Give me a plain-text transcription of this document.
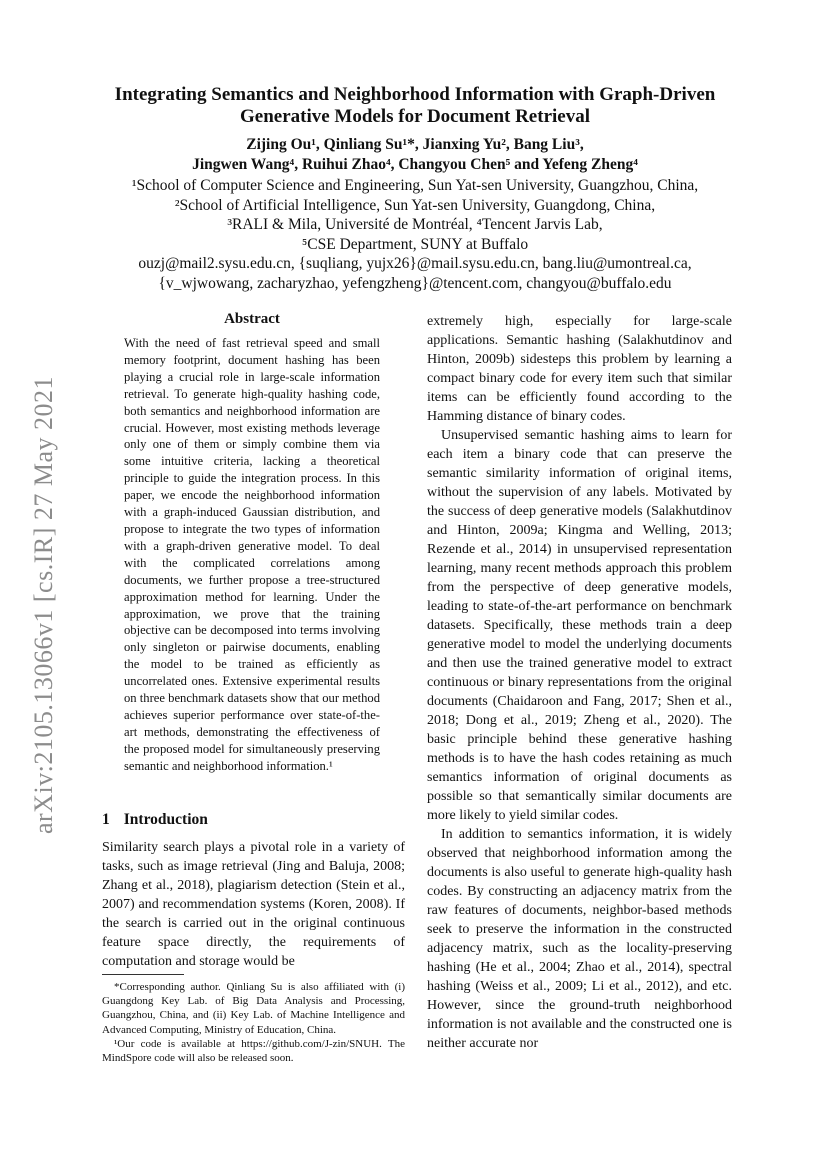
arXiv:2105.13066v1 [cs.IR] 27 May 2021
Integrating Semantics and Neighborhood Information with Graph-Driven Generative Models for Document Retrieval
Zijing Ou¹, Qinliang Su¹*, Jianxing Yu², Bang Liu³,
Jingwen Wang⁴, Ruihui Zhao⁴, Changyou Chen⁵ and Yefeng Zheng⁴
¹School of Computer Science and Engineering, Sun Yat-sen University, Guangzhou, China,
²School of Artificial Intelligence, Sun Yat-sen University, Guangdong, China,
³RALI & Mila, Université de Montréal, ⁴Tencent Jarvis Lab,
⁵CSE Department, SUNY at Buffalo
ouzj@mail2.sysu.edu.cn, {suqliang, yujx26}@mail.sysu.edu.cn, bang.liu@umontreal.ca,
{v_wjwowang, zacharyzhao, yefengzheng}@tencent.com, changyou@buffalo.edu
Abstract
With the need of fast retrieval speed and small memory footprint, document hashing has been playing a crucial role in large-scale information retrieval. To generate high-quality hashing code, both semantics and neighborhood information are crucial. However, most existing methods leverage only one of them or simply combine them via some intuitive criteria, lacking a theoretical principle to guide the integration process. In this paper, we encode the neighborhood information with a graph-induced Gaussian distribution, and propose to integrate the two types of information with a graph-driven generative model. To deal with the complicated correlations among documents, we further propose a tree-structured approximation method for learning. Under the approximation, we prove that the training objective can be decomposed into terms involving only singleton or pairwise documents, enabling the model to be trained as efficiently as uncorrelated ones. Extensive experimental results on three benchmark datasets show that our method achieves superior performance over state-of-the-art methods, demonstrating the effectiveness of the proposed model for simultaneously preserving semantic and neighborhood information.¹
1 Introduction

Similarity search plays a pivotal role in a variety of tasks, such as image retrieval (Jing and Baluja, 2008; Zhang et al., 2018), plagiarism detection (Stein et al., 2007) and recommendation systems (Koren, 2008). If the search is carried out in the original continuous feature space directly, the requirements of computation and storage would be

*Corresponding author. Qinliang Su is also affiliated with (i) Guangdong Key Lab. of Big Data Analysis and Processing, Guangzhou, China, and (ii) Key Lab. of Machine Intelligence and Advanced Computing, Ministry of Education, China.

¹Our code is available at https://github.com/J-zin/SNUH. The MindSpore code will also be released soon.

extremely high, especially for large-scale applications. Semantic hashing (Salakhutdinov and Hinton, 2009b) sidesteps this problem by learning a compact binary code for every item such that similar items can be efficiently found according to the Hamming distance of binary codes.

Unsupervised semantic hashing aims to learn for each item a binary code that can preserve the semantic similarity information of original items, without the supervision of any labels. Motivated by the success of deep generative models (Salakhutdinov and Hinton, 2009a; Kingma and Welling, 2013; Rezende et al., 2014) in unsupervised representation learning, many recent methods approach this problem from the perspective of deep generative models, leading to state-of-the-art performance on benchmark datasets. Specifically, these methods train a deep generative model to model the underlying documents and then use the trained generative model to extract continuous or binary representations from the original documents (Chaidaroon and Fang, 2017; Shen et al., 2018; Dong et al., 2019; Zheng et al., 2020). The basic principle behind these generative hashing methods is to have the hash codes retaining as much semantics information of original documents as possible so that semantically similar documents are more likely to yield similar codes.

In addition to semantics information, it is widely observed that neighborhood information among the documents is also useful to generate high-quality hash codes. By constructing an adjacency matrix from the raw features of documents, neighbor-based methods seek to preserve the information in the constructed adjacency matrix, such as the locality-preserving hashing (He et al., 2004; Zhao et al., 2014), spectral hashing (Weiss et al., 2009; Li et al., 2012), and etc. However, since the ground-truth neighborhood information is not available and the constructed one is neither accurate nor
